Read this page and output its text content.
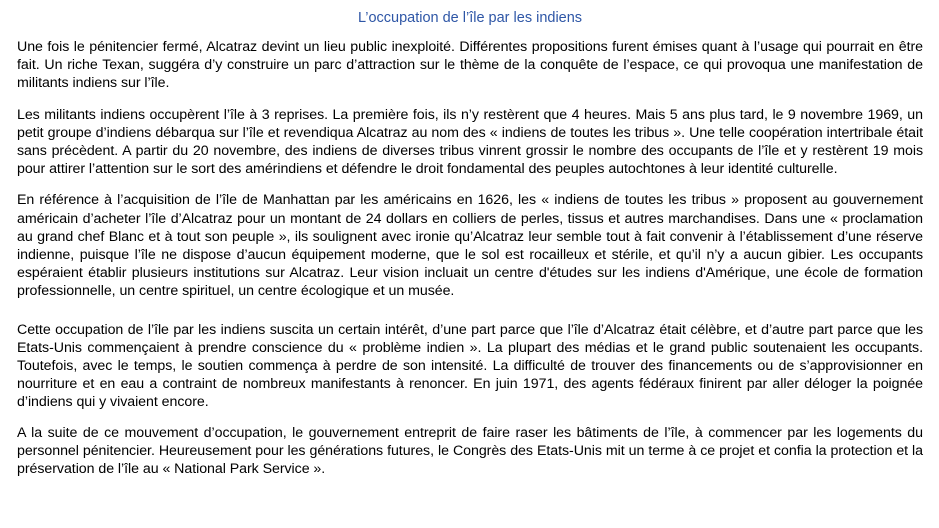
L’occupation de l’île par les indiens

Une fois le pénitencier fermé, Alcatraz devint un lieu public inexploité. Différentes propositions furent émises quant à l’usage qui pourrait en être fait. Un riche Texan, suggéra d’y construire un parc d’attraction sur le thème de la conquête de l’espace, ce qui provoqua une manifestation de militants indiens sur l’île.

Les militants indiens occupèrent l’île à 3 reprises. La première fois, ils n’y restèrent que 4 heures. Mais 5 ans plus tard, le 9 novembre 1969, un petit groupe d’indiens débarqua sur l’île et revendiqua Alcatraz au nom des « indiens de toutes les tribus ». Une telle coopération intertribale était sans précèdent. A partir du 20 novembre, des indiens de diverses tribus vinrent grossir le nombre des occupants de l’île et y restèrent 19 mois pour attirer l’attention sur le sort des amérindiens et défendre le droit fondamental des peuples autochtones à leur identité culturelle.

En référence à l’acquisition de l’île de Manhattan par les américains en 1626, les « indiens de toutes les tribus » proposent au gouvernement américain d’acheter l’île d’Alcatraz pour un montant de 24 dollars en colliers de perles, tissus et autres marchandises. Dans une « proclamation au grand chef Blanc et à tout son peuple », ils soulignent avec ironie qu’Alcatraz leur semble tout à fait convenir à l’établissement d’une réserve indienne, puisque l’île ne dispose d’aucun équipement moderne, que le sol est rocailleux et stérile, et qu’il n’y a aucun gibier. Les occupants espéraient établir plusieurs institutions sur Alcatraz. Leur vision incluait un centre d'études sur les indiens d'Amérique, une école de formation professionnelle, un centre spirituel, un centre écologique et un musée.

Cette occupation de l’île par les indiens suscita un certain intérêt, d’une part parce que l’île d’Alcatraz était célèbre, et d’autre part parce que les Etats-Unis commençaient à prendre conscience du « problème indien ». La plupart des médias et le grand public soutenaient les occupants. Toutefois, avec le temps, le soutien commença à perdre de son intensité. La difficulté de trouver des financements ou de s’approvisionner en nourriture et en eau a contraint de nombreux manifestants à renoncer. En juin 1971, des agents fédéraux finirent par aller déloger la poignée d’indiens qui y vivaient encore.

A la suite de ce mouvement d’occupation, le gouvernement entreprit de faire raser les bâtiments de l’île, à commencer par les logements du personnel pénitencier. Heureusement pour les générations futures, le Congrès des Etats-Unis mit un terme à ce projet et confia la protection et la préservation de l’île au « National Park Service ».
